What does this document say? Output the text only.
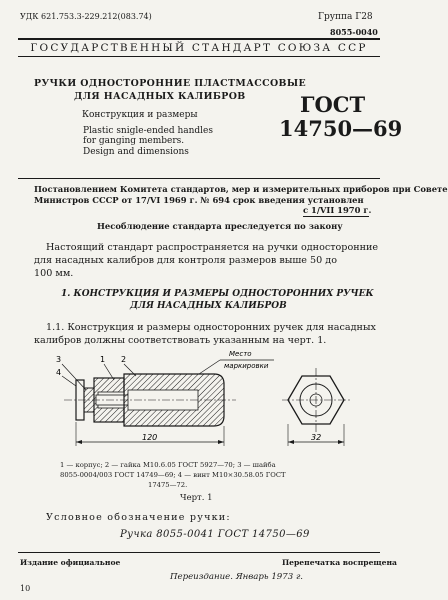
УДК 621.753.3-229.212(083.74)	Группа Г28
8055-0040
ГОСУДАРСТВЕННЫЙ СТАНДАРТ СОЮЗА ССР
РУЧКИ ОДНОСТОРОННИЕ ПЛАСТМАССОВЫЕ
ДЛЯ НАСАДНЫХ КАЛИБРОВ
Конструкция и размеры
Plastic snigle-ended handles
for ganging members.
Design and dimensions
ГОСТ
14750—69
Постановлением Комитета стандартов, мер и измерительных приборов при Совете
Министров СССР от 17/VI 1969 г. № 694 срок введения установлен
с 1/VII 1970 г.
Несоблюдение стандарта преследуется по закону
Настоящий стандарт распространяется на ручки односторонние
для насадных калибров для контроля размеров выше 50 до
100 мм.
1. КОНСТРУКЦИЯ И РАЗМЕРЫ ОДНОСТОРОННИХ РУЧЕК
ДЛЯ НАСАДНЫХ КАЛИБРОВ
1.1. Конструкция и размеры односторонних ручек для насадных
калибров должны соответствовать указанным на черт. 1.
1 2
3
4
Место
маркировки
120	32
1 — корпус; 2 — гайка М10.6.05 ГОСТ 5927—70; 3 — шайба
8055-0004/003 ГОСТ 14749—69; 4 — винт М10×30.58.05 ГОСТ
17475—72.
Черт. 1
Условное обозначение ручки:
Ручка 8055-0041 ГОСТ 14750—69
Издание официальное	Перепечатка воспрещена
Переиздание. Январь 1973 г.
10
